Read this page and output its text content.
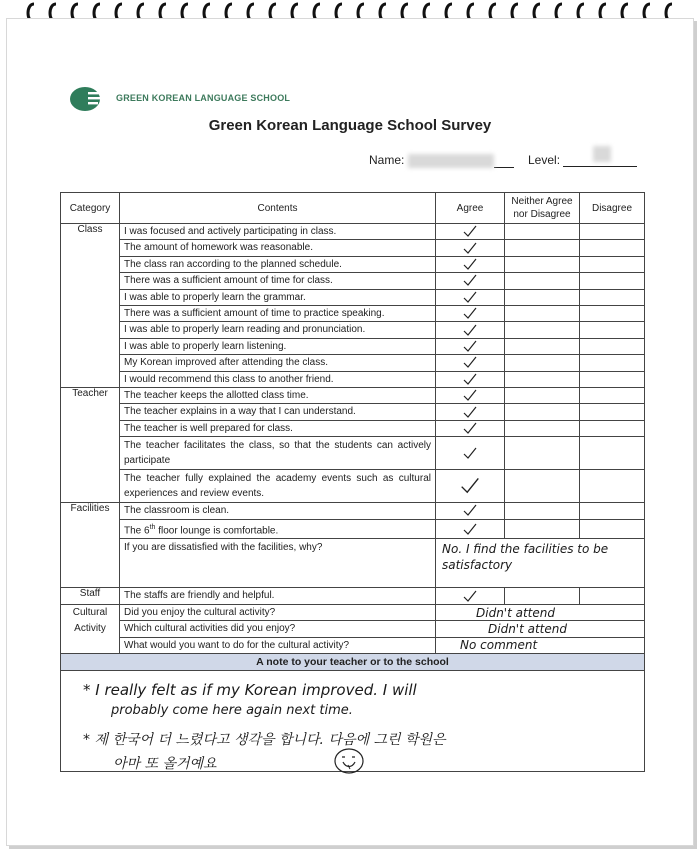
GREEN KOREAN LANGUAGE SCHOOL
Green Korean Language School Survey
Name:	Level:
Category	Contents	Agree	Neither Agree nor Disagree	Disagree
Class	I was focused and actively participating in class.	

	The amount of homework was reasonable.	

	The class ran according to the planned schedule.	

	There was a sufficient amount of time for class.	

	I was able to properly learn the grammar.	

	There was a sufficient amount of time to practice speaking.	

	I was able to properly learn reading and pronunciation.	

	I was able to properly learn listening.	

	My Korean improved after attending the class.	

	I would recommend this class to another friend.	

Teacher	The teacher keeps the allotted class time.	

	The teacher explains in a way that I can understand.	

	The teacher is well prepared for class.	

	The teacher facilitates the class, so that the students can actively participate	

	The teacher fully explained the academy events such as cultural experiences and review events.	

Facilities	The classroom is clean.	

	The 6th floor lounge is comfortable.	

	If you are dissatisfied with the facilities, why?	No. I find the facilities to be satisfactory		

Staff	The staffs are friendly and helpful.	

Cultural Activity	Did you enjoy the cultural activity?	Didn't attend		
	Which cultural activities did you enjoy?	Didn't attend		
	What would you want to do for the cultural activity?	No comment		
A note to your teacher or to the school				

* I really felt as if my Korean improved. I will
probably come here again next time.
* 제 한국어 더 느렸다고 생각을 합니다. 다음에 그린 학원은
아마 또 올거예요				
